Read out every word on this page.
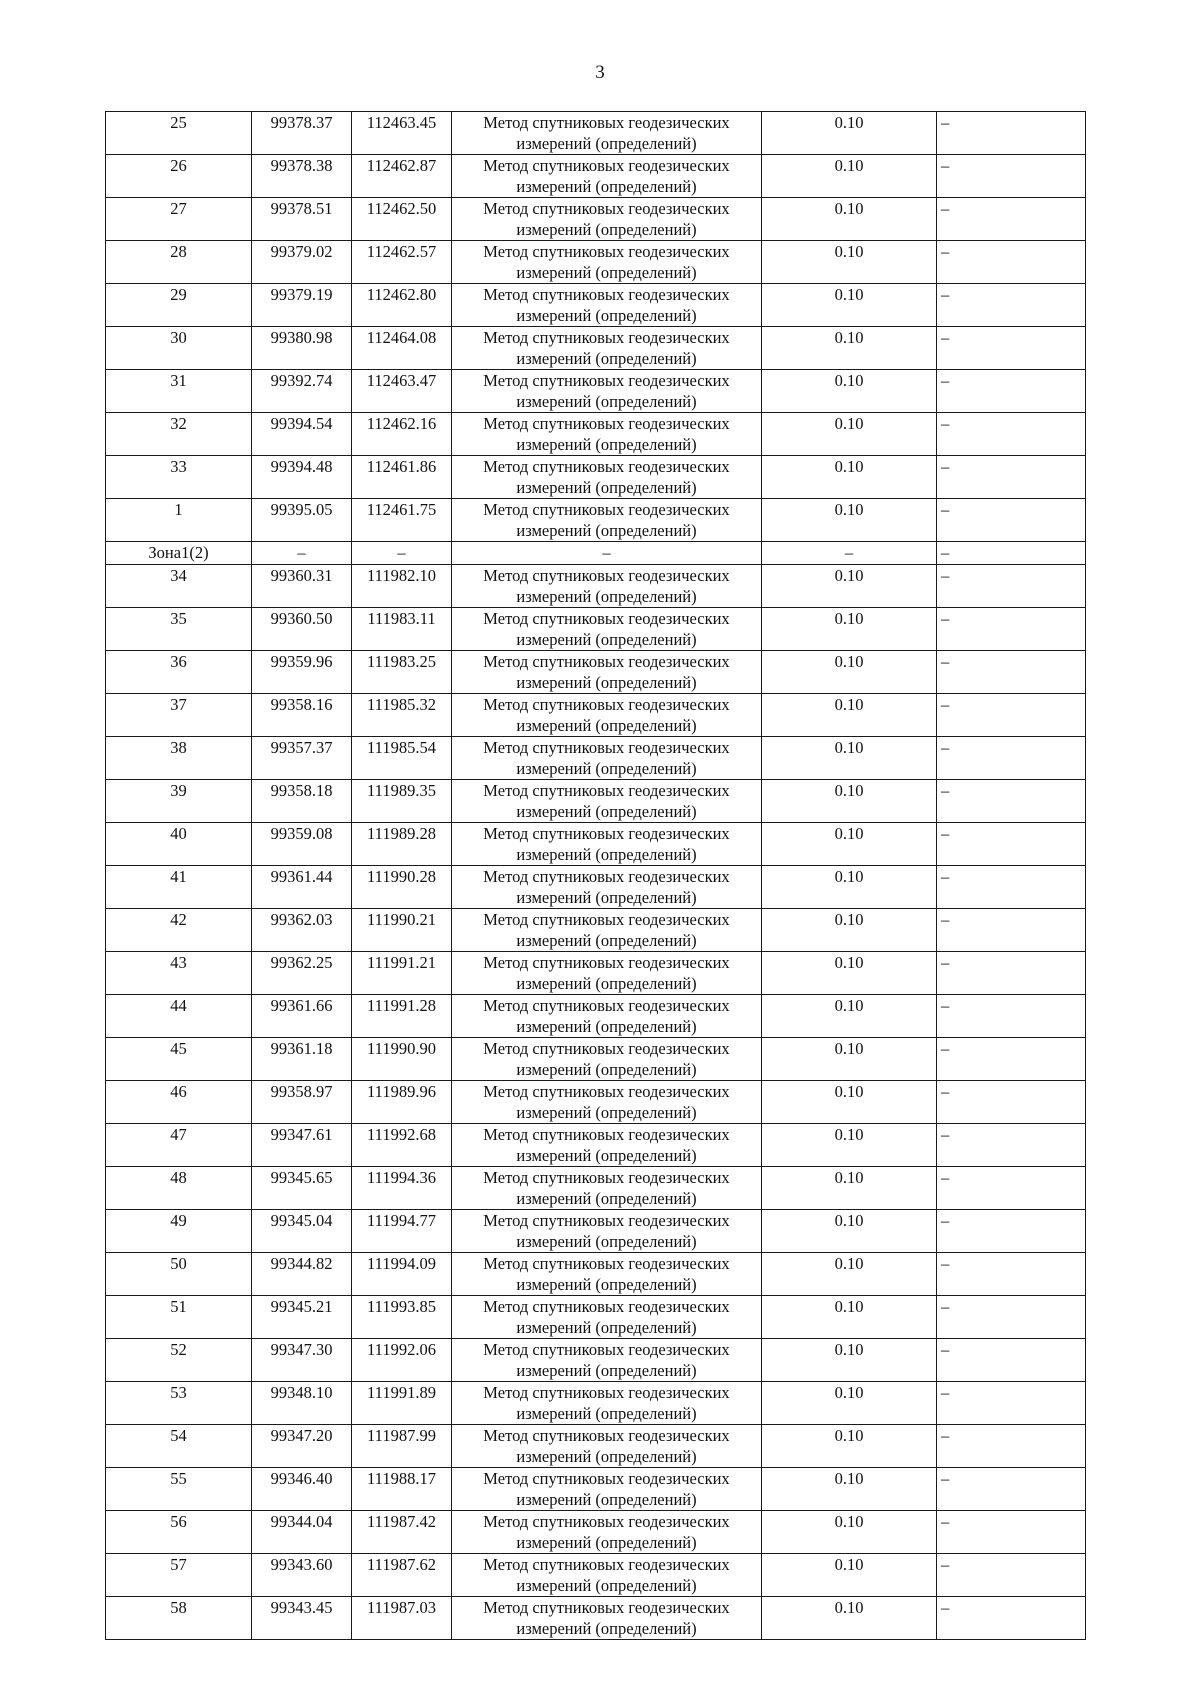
3
25	99378.37	112463.45	Метод спутниковых геодезических измерений (определений)	0.10	–
26	99378.38	112462.87	Метод спутниковых геодезических измерений (определений)	0.10	–
27	99378.51	112462.50	Метод спутниковых геодезических измерений (определений)	0.10	–
28	99379.02	112462.57	Метод спутниковых геодезических измерений (определений)	0.10	–
29	99379.19	112462.80	Метод спутниковых геодезических измерений (определений)	0.10	–
30	99380.98	112464.08	Метод спутниковых геодезических измерений (определений)	0.10	–
31	99392.74	112463.47	Метод спутниковых геодезических измерений (определений)	0.10	–
32	99394.54	112462.16	Метод спутниковых геодезических измерений (определений)	0.10	–
33	99394.48	112461.86	Метод спутниковых геодезических измерений (определений)	0.10	–
1	99395.05	112461.75	Метод спутниковых геодезических измерений (определений)	0.10	–
Зона1(2)	–	–	–	–	–
34	99360.31	111982.10	Метод спутниковых геодезических измерений (определений)	0.10	–
35	99360.50	111983.11	Метод спутниковых геодезических измерений (определений)	0.10	–
36	99359.96	111983.25	Метод спутниковых геодезических измерений (определений)	0.10	–
37	99358.16	111985.32	Метод спутниковых геодезических измерений (определений)	0.10	–
38	99357.37	111985.54	Метод спутниковых геодезических измерений (определений)	0.10	–
39	99358.18	111989.35	Метод спутниковых геодезических измерений (определений)	0.10	–
40	99359.08	111989.28	Метод спутниковых геодезических измерений (определений)	0.10	–
41	99361.44	111990.28	Метод спутниковых геодезических измерений (определений)	0.10	–
42	99362.03	111990.21	Метод спутниковых геодезических измерений (определений)	0.10	–
43	99362.25	111991.21	Метод спутниковых геодезических измерений (определений)	0.10	–
44	99361.66	111991.28	Метод спутниковых геодезических измерений (определений)	0.10	–
45	99361.18	111990.90	Метод спутниковых геодезических измерений (определений)	0.10	–
46	99358.97	111989.96	Метод спутниковых геодезических измерений (определений)	0.10	–
47	99347.61	111992.68	Метод спутниковых геодезических измерений (определений)	0.10	–
48	99345.65	111994.36	Метод спутниковых геодезических измерений (определений)	0.10	–
49	99345.04	111994.77	Метод спутниковых геодезических измерений (определений)	0.10	–
50	99344.82	111994.09	Метод спутниковых геодезических измерений (определений)	0.10	–
51	99345.21	111993.85	Метод спутниковых геодезических измерений (определений)	0.10	–
52	99347.30	111992.06	Метод спутниковых геодезических измерений (определений)	0.10	–
53	99348.10	111991.89	Метод спутниковых геодезических измерений (определений)	0.10	–
54	99347.20	111987.99	Метод спутниковых геодезических измерений (определений)	0.10	–
55	99346.40	111988.17	Метод спутниковых геодезических измерений (определений)	0.10	–
56	99344.04	111987.42	Метод спутниковых геодезических измерений (определений)	0.10	–
57	99343.60	111987.62	Метод спутниковых геодезических измерений (определений)	0.10	–
58	99343.45	111987.03	Метод спутниковых геодезических измерений (определений)	0.10	–
